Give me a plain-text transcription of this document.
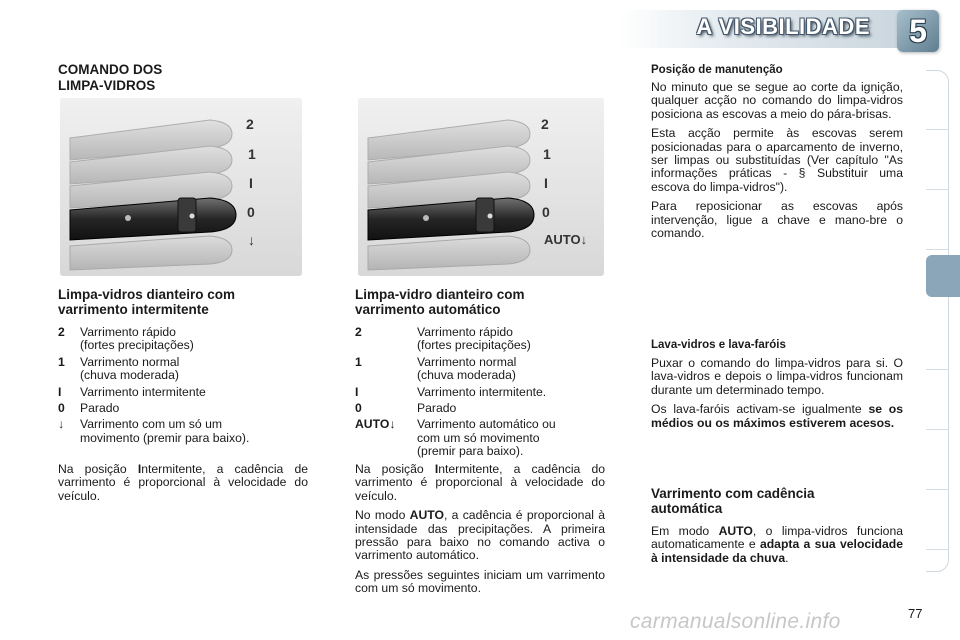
A VISIBILIDADE	5
COMANDO DOS
LIMPA-VIDROS
2
1
I
0
↓
Limpa-vidros dianteiro com
varrimento intermitente
2	Varrimento rápido
(fortes precipitações)
1	Varrimento normal
(chuva moderada)
I	Varrimento intermitente
0	Parado
↓	Varrimento com um só um
movimento (premir para baixo).

Na posição Intermitente, a cadência de varrimento é proporcional à velocidade do veículo.

2
1
I
0
AUTO↓
Limpa-vidro dianteiro com
varrimento automático
2	Varrimento rápido
(fortes precipitações)
1	Varrimento normal
(chuva moderada)
I	Varrimento intermitente.
0	Parado
AUTO↓	Varrimento automático ou
com um só movimento
(premir para baixo).

Na posição Intermitente, a cadência do varrimento é proporcional à velocidade do veículo.

No modo AUTO, a cadência é proporcional à intensidade das precipitações. A primeira pressão para baixo no comando activa o varrimento automático.

As pressões seguintes iniciam um varrimento com um só movimento.

Posição de manutenção

No minuto que se segue ao corte da ignição, qualquer acção no comando do limpa-vidros posiciona as escovas a meio do pára-brisas.

Esta acção permite às escovas serem posicionadas para o aparcamento de inverno, ser limpas ou substituídas (Ver capítulo "As informações práticas - § Substituir uma escova do limpa-vidros").

Para reposicionar as escovas após intervenção, ligue a chave e mano-bre o comando.

Lava-vidros e lava-faróis

Puxar o comando do limpa-vidros para si. O lava-vidros e depois o limpa-vidros funcionam durante um determinado tempo.

Os lava-faróis activam-se igualmente se os médios ou os máximos estiverem acesos.

Varrimento com cadência
automática

Em modo AUTO, o limpa-vidros funciona automaticamente e adapta a sua velocidade à intensidade da chuva.

carmanualsonline.info	77
